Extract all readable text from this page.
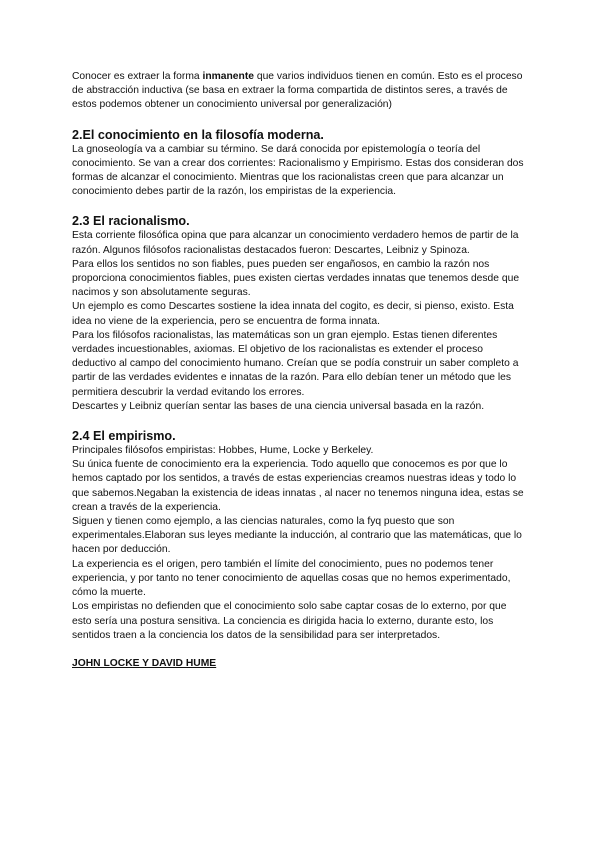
Conocer es extraer la forma inmanente que varios individuos tienen en común. Esto es el proceso de abstracción inductiva (se basa en extraer la forma compartida de distintos seres, a través de estos podemos obtener un conocimiento universal por generalización)

2.El conocimiento en la filosofía moderna.

La gnoseología va a cambiar su término. Se dará conocida por epistemología o teoría del conocimiento. Se van a crear dos corrientes: Racionalismo y Empirismo. Estas dos consideran dos formas de alcanzar el conocimiento. Mientras que los racionalistas creen que para alcanzar un conocimiento debes partir de la razón, los empiristas de la experiencia.

2.3 El racionalismo.

Esta corriente filosófica opina que para alcanzar un conocimiento verdadero hemos de partir de la razón. Algunos filósofos racionalistas destacados fueron: Descartes, Leibniz y Spinoza.

Para ellos los sentidos no son fiables, pues pueden ser engañosos, en cambio la razón nos proporciona conocimientos fiables, pues existen ciertas verdades innatas que tenemos desde que nacimos y son absolutamente seguras.

Un ejemplo es como Descartes sostiene la idea innata del cogito, es decir, si pienso, existo. Esta idea no viene de la experiencia, pero se encuentra de forma innata.

Para los filósofos racionalistas, las matemáticas son un gran ejemplo. Estas tienen diferentes verdades incuestionables, axiomas. El objetivo de los racionalistas es extender el proceso deductivo al campo del conocimiento humano. Creían que se podía construir un saber completo a partir de las verdades evidentes e innatas de la razón. Para ello debían tener un método que les permitiera descubrir la verdad evitando los errores.

Descartes y Leibniz querían sentar las bases de una ciencia universal basada en la razón.

2.4 El empirismo.

Principales filósofos empiristas: Hobbes, Hume, Locke y Berkeley.

Su única fuente de conocimiento era la experiencia. Todo aquello que conocemos es por que lo hemos captado por los sentidos, a través de estas experiencias creamos nuestras ideas y todo lo que sabemos.Negaban la existencia de ideas innatas , al nacer no tenemos ninguna idea, estas se crean a través de la experiencia.

Siguen y tienen como ejemplo, a las ciencias naturales, como la fyq puesto que son experimentales.Elaboran sus leyes mediante la inducción, al contrario que las matemáticas, que lo hacen por deducción.

La experiencia es el origen, pero también el límite del conocimiento, pues no podemos tener experiencia, y por tanto no tener conocimiento de aquellas cosas que no hemos experimentado, cómo la muerte.

Los empiristas no defienden que el conocimiento solo sabe captar cosas de lo externo, por que esto sería una postura sensitiva. La conciencia es dirigida hacia lo externo, durante esto, los sentidos traen a la conciencia los datos de la sensibilidad para ser interpretados.

JOHN LOCKE Y DAVID HUME
